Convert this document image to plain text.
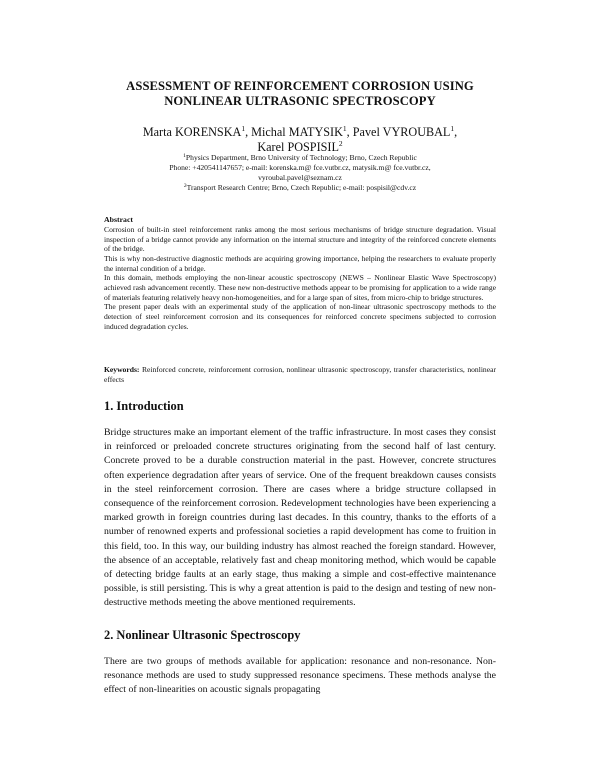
ASSESSMENT OF REINFORCEMENT CORROSION USING
NONLINEAR ULTRASONIC SPECTROSCOPY
Marta KORENSKA$^1$, Michal MATYSIK$^1$, Pavel VYROUBAL$^1$,
Karel POSPISIL$^2$
$^1$Physics Department, Brno University of Technology; Brno, Czech Republic
Phone: +420541147657; e-mail: korenska.m@ fce.vutbr.cz, matysik.m@ fce.vutbr.cz,
vyroubal.pavel@seznam.cz
$^2$Transport Research Centre; Brno, Czech Republic; e-mail: pospisil@cdv.cz
Abstract

Corrosion of built-in steel reinforcement ranks among the most serious mechanisms of bridge structure degradation. Visual inspection of a bridge cannot provide any information on the internal structure and integrity of the reinforced concrete elements of the bridge.

This is why non-destructive diagnostic methods are acquiring growing importance, helping the researchers to evaluate properly the internal condition of a bridge.

In this domain, methods employing the non-linear acoustic spectroscopy (NEWS – Nonlinear Elastic Wave Spectroscopy) achieved rash advancement recently. These new non-destructive methods appear to be promising for application to a wide range of materials featuring relatively heavy non-homogeneities, and for a large span of sites, from micro-chip to bridge structures.

The present paper deals with an experimental study of the application of non-linear ultrasonic spectroscopy methods to the detection of steel reinforcement corrosion and its consequences for reinforced concrete specimens subjected to corrosion induced degradation cycles.

Keywords: Reinforced concrete, reinforcement corrosion, nonlinear ultrasonic spectroscopy, transfer characteristics, nonlinear effects
1. Introduction

Bridge structures make an important element of the traffic infrastructure. In most cases they consist in reinforced or preloaded concrete structures originating from the second half of last century. Concrete proved to be a durable construction material in the past. However, concrete structures often experience degradation after years of service. One of the frequent breakdown causes consists in the steel reinforcement corrosion. There are cases where a bridge structure collapsed in consequence of the reinforcement corrosion. Redevelopment technologies have been experiencing a marked growth in foreign countries during last decades. In this country, thanks to the efforts of a number of renowned experts and professional societies a rapid development has come to fruition in this field, too. In this way, our building industry has almost reached the foreign standard. However, the absence of an acceptable, relatively fast and cheap monitoring method, which would be capable of detecting bridge faults at an early stage, thus making a simple and cost-effective maintenance possible, is still persisting. This is why a great attention is paid to the design and testing of new non-destructive methods meeting the above mentioned requirements.

2. Nonlinear Ultrasonic Spectroscopy

There are two groups of methods available for application: resonance and non-resonance. Non-resonance methods are used to study suppressed resonance specimens. These methods analyse the effect of non-linearities on acoustic signals propagating
